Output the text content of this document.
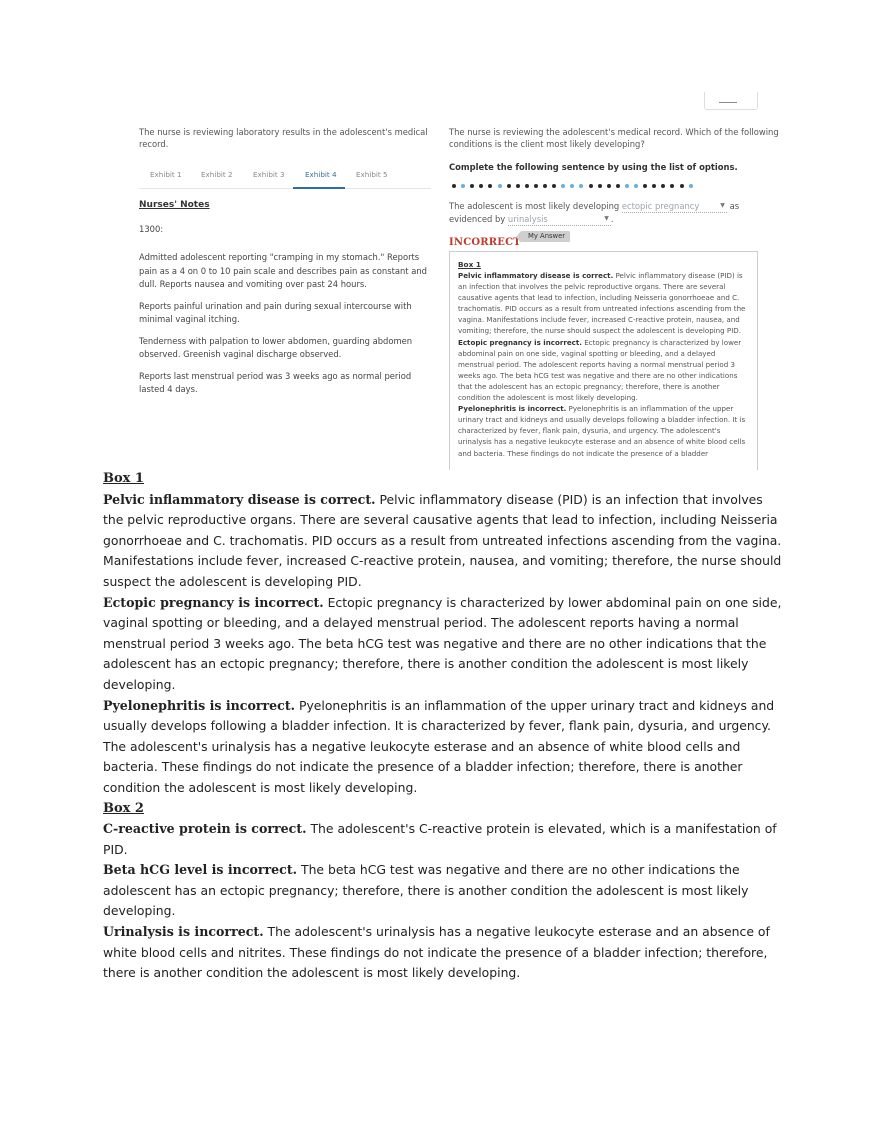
The nurse is reviewing laboratory results in the adolescent's medical record.

Exhibit 1	Exhibit 2	Exhibit 3	Exhibit 4	Exhibit 5
Nurses' Notes
1300:

Admitted adolescent reporting "cramping in my stomach." Reports pain as a 4 on 0 to 10 pain scale and describes pain as constant and dull. Reports nausea and vomiting over past 24 hours.

Reports painful urination and pain during sexual intercourse with minimal vaginal itching.

Tenderness with palpation to lower abdomen, guarding abdomen observed. Greenish vaginal discharge observed.

Reports last menstrual period was 3 weeks ago as normal period lasted 4 days.

The nurse is reviewing the adolescent's medical record. Which of the following conditions is the client most likely developing?

Complete the following sentence by using the list of options.
The adolescent is most likely developing ectopic pregnancy	▼ as
evidenced by urinalysis	▼ .
INCORRECT
My Answer
Box 1

Pelvic inflammatory disease is correct. Pelvic inflammatory disease (PID) is an infection that involves the pelvic reproductive organs. There are several causative agents that lead to infection, including Neisseria gonorrhoeae and C. trachomatis. PID occurs as a result from untreated infections ascending from the vagina. Manifestations include fever, increased C-reactive protein, nausea, and vomiting; therefore, the nurse should suspect the adolescent is developing PID.

Ectopic pregnancy is incorrect. Ectopic pregnancy is characterized by lower abdominal pain on one side, vaginal spotting or bleeding, and a delayed menstrual period. The adolescent reports having a normal menstrual period 3 weeks ago. The beta hCG test was negative and there are no other indications that the adolescent has an ectopic pregnancy; therefore, there is another condition the adolescent is most likely developing.

Pyelonephritis is incorrect. Pyelonephritis is an inflammation of the upper urinary tract and kidneys and usually develops following a bladder infection. It is characterized by fever, flank pain, dysuria, and urgency. The adolescent's urinalysis has a negative leukocyte esterase and an absence of white blood cells and bacteria. These findings do not indicate the presence of a bladder

Box 1

Pelvic inflammatory disease is correct. Pelvic inflammatory disease (PID) is an infection that involves the pelvic reproductive organs. There are several causative agents that lead to infection, including Neisseria gonorrhoeae and C. trachomatis. PID occurs as a result from untreated infections ascending from the vagina. Manifestations include fever, increased C-reactive protein, nausea, and vomiting; therefore, the nurse should suspect the adolescent is developing PID.

Ectopic pregnancy is incorrect. Ectopic pregnancy is characterized by lower abdominal pain on one side, vaginal spotting or bleeding, and a delayed menstrual period. The adolescent reports having a normal menstrual period 3 weeks ago. The beta hCG test was negative and there are no other indications that the adolescent has an ectopic pregnancy; therefore, there is another condition the adolescent is most likely developing.

Pyelonephritis is incorrect. Pyelonephritis is an inflammation of the upper urinary tract and kidneys and usually develops following a bladder infection. It is characterized by fever, flank pain, dysuria, and urgency. The adolescent's urinalysis has a negative leukocyte esterase and an absence of white blood cells and bacteria. These findings do not indicate the presence of a bladder infection; therefore, there is another condition the adolescent is most likely developing.

Box 2

C-reactive protein is correct. The adolescent's C-reactive protein is elevated, which is a manifestation of PID.

Beta hCG level is incorrect. The beta hCG test was negative and there are no other indications the adolescent has an ectopic pregnancy; therefore, there is another condition the adolescent is most likely developing.

Urinalysis is incorrect. The adolescent's urinalysis has a negative leukocyte esterase and an absence of white blood cells and nitrites. These findings do not indicate the presence of a bladder infection; therefore, there is another condition the adolescent is most likely developing.
